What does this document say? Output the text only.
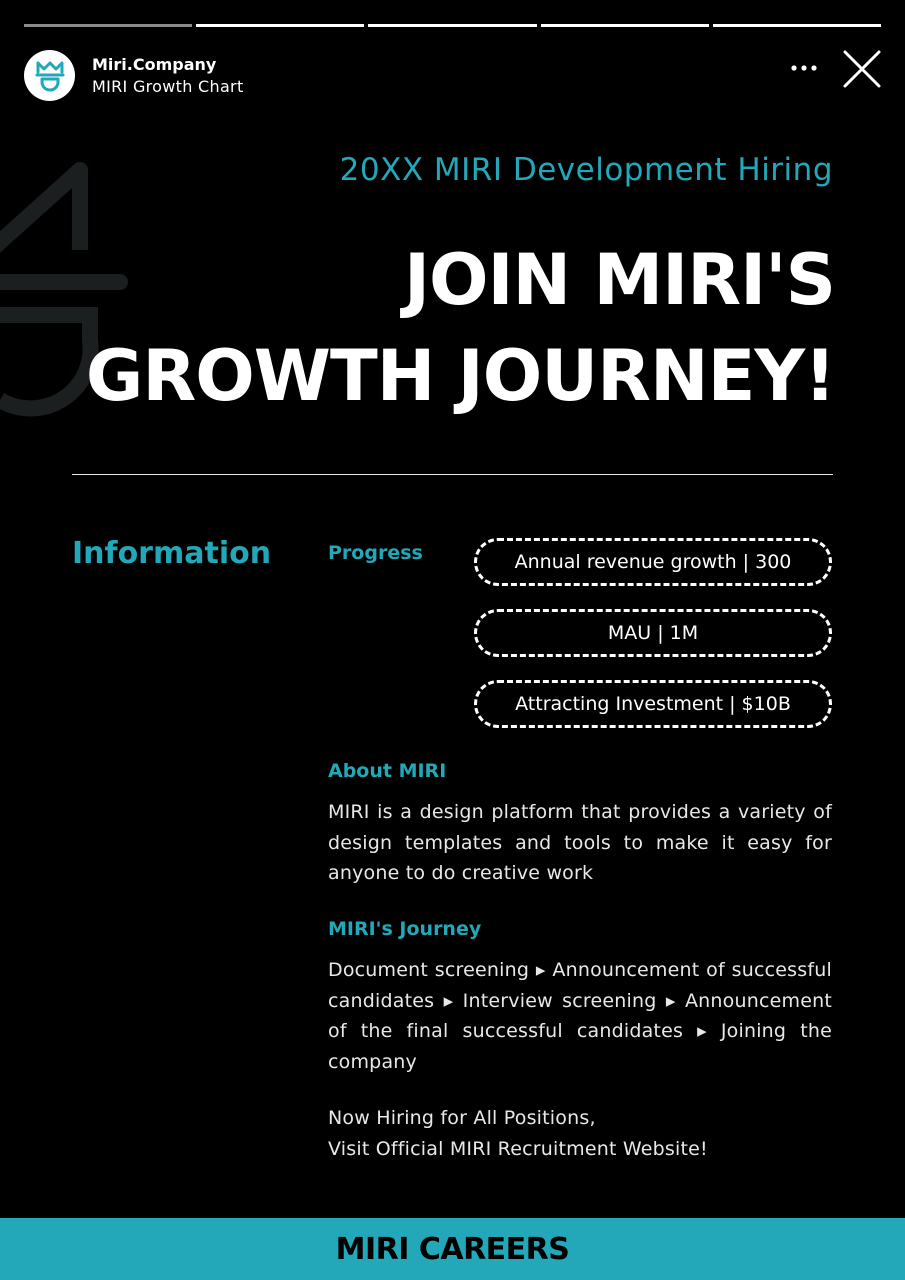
Miri.Company
MIRI Growth Chart
20XX MIRI Development Hiring
JOIN MIRI'S
GROWTH JOURNEY!
Information	Progress	Annual revenue growth | 300
MAU | 1M
Attracting Investment | $10B
About MIRI

MIRI is a design platform that provides a variety of design templates and tools to make it easy for anyone to do creative work

MIRI's Journey

Document screening ▸ Announcement of successful candidates ▸ Interview screening ▸ Announcement of the final successful candidates ▸ Joining the company

Now Hiring for All Positions,
Visit Official MIRI Recruitment Website!
MIRI CAREERS
